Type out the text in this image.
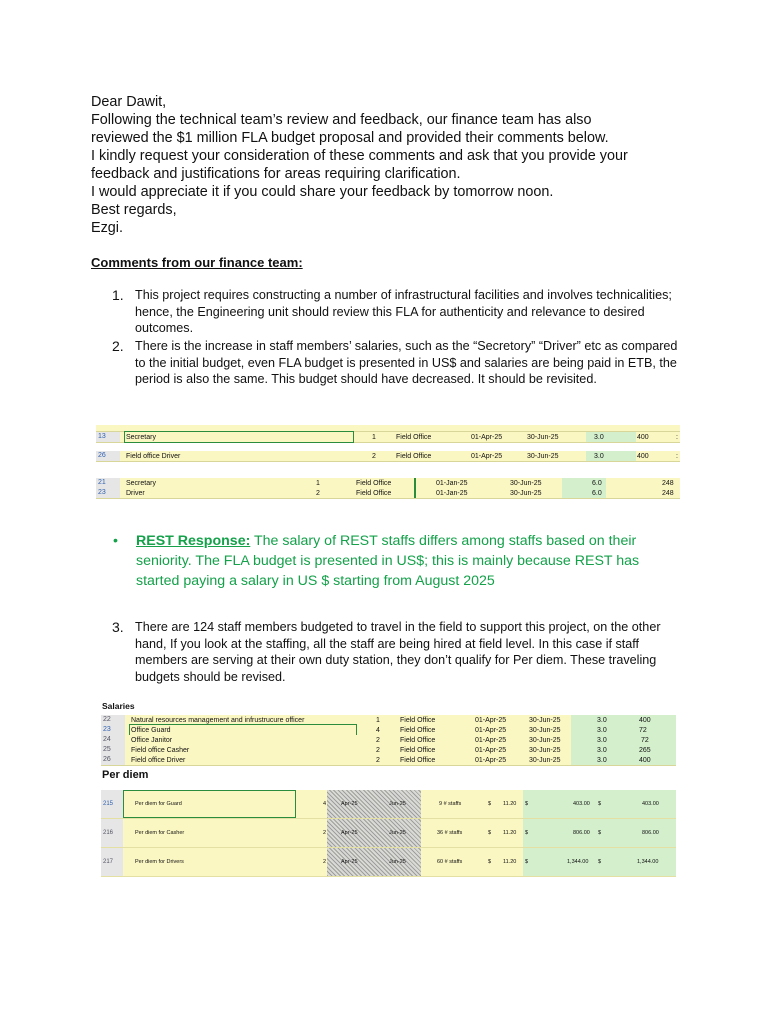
Dear Dawit,
Following the technical team’s review and feedback, our finance team has also
reviewed the $1 million FLA budget proposal and provided their comments below.
I kindly request your consideration of these comments and ask that you provide your
feedback and justifications for areas requiring clarification.
I would appreciate it if you could share your feedback by tomorrow noon.
Best regards,
Ezgi.
Comments from our finance team:
1. This project requires constructing a number of infrastructural facilities and involves technicalities; hence, the Engineering unit should review this FLA for authenticity and relevance to desired outcomes.
2. There is the increase in staff members’ salaries, such as the “Secretory” “Driver” etc as compared to the initial budget, even FLA budget is presented in US$ and salaries are being paid in ETB, the period is also the same. This budget should have decreased. It should be revisited.
13	Secretary	1	Field Office	01-Apr-25	30-Jun-25	3.0	400	:
26	Field office Driver	2	Field Office	01-Apr-25	30-Jun-25	3.0	400	:
21	Secretary	1	Field Office	01-Jan-25	30-Jun-25	6.0	248
23	Driver	2	Field Office	01-Jan-25	30-Jun-25	6.0	248
• REST Response: The salary of REST staffs differs among staffs based on their seniority. The FLA budget is presented in US$; this is mainly because REST has started paying a salary in US $ starting from August 2025
3. There are 124 staff members budgeted to travel in the field to support this project, on the other hand, If you look at the staffing, all the staff are being hired at field level. In this case if staff members are serving at their own duty station, they don’t qualify for Per diem. These traveling budgets should be revised.
Salaries
22	Natural resources management and infrustrucure officer	1	Field Office	01-Apr-25	30-Jun-25	3.0	400
23	Office Guard	4	Field Office	01-Apr-25	30-Jun-25	3.0	72
24	Office Janitor	2	Field Office	01-Apr-25	30-Jun-25	3.0	72
25	Field office Casher	2	Field Office	01-Apr-25	30-Jun-25	3.0	265
26	Field office Driver	2	Field Office	01-Apr-25	30-Jun-25	3.0	400
Per diem
215	Per diem for Guard	4	Apr-25	Jun-25	9 # staffs	$ 11.20 $	403.00 $	403.00
216	Per diem for Casher	2	Apr-25	Jun-25	36 # staffs	$ 11.20 $	806.00 $	806.00
217	Per diem for Drivers	2	Apr-25	Jun-25	60 # staffs	$ 11.20 $	1,344.00 $	1,344.00
